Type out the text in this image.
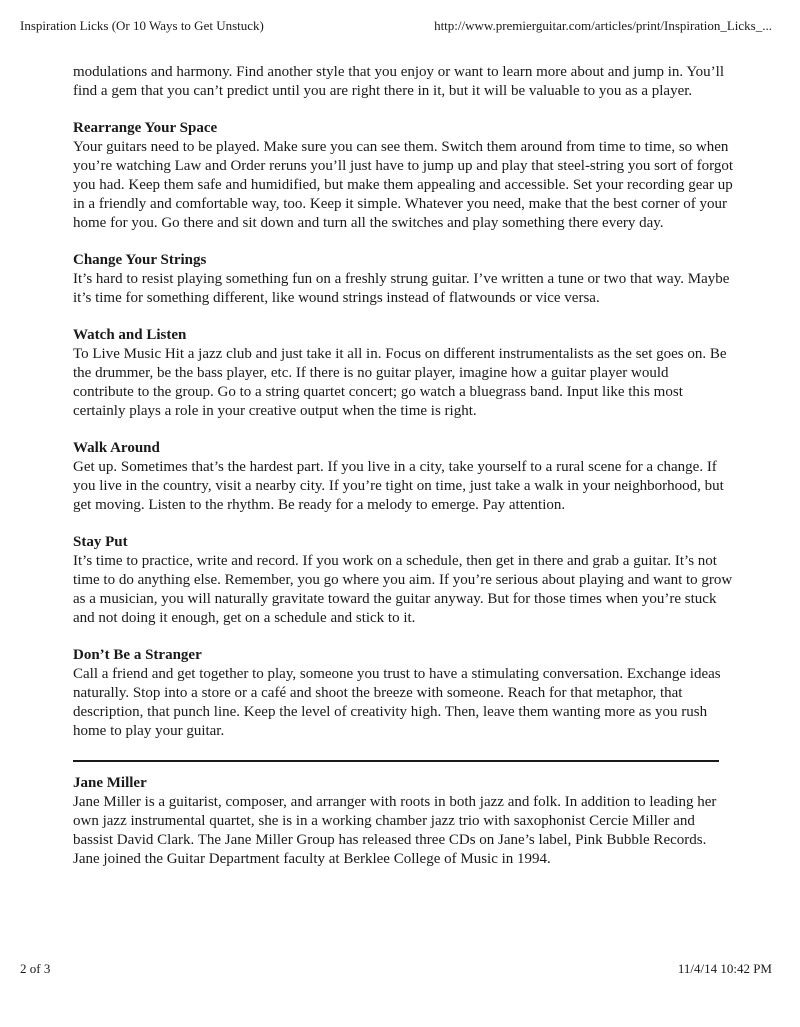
Inspiration Licks (Or 10 Ways to Get Unstuck)	http://www.premierguitar.com/articles/print/Inspiration_Licks_...

modulations and harmony. Find another style that you enjoy or want to learn more about and jump in. You’ll find a gem that you can’t predict until you are right there in it, but it will be valuable to you as a player.

Rearrange Your Space

Your guitars need to be played. Make sure you can see them. Switch them around from time to time, so when you’re watching Law and Order reruns you’ll just have to jump up and play that steel-string you sort of forgot you had. Keep them safe and humidified, but make them appealing and accessible. Set your recording gear up in a friendly and comfortable way, too. Keep it simple. Whatever you need, make that the best corner of your home for you. Go there and sit down and turn all the switches and play something there every day.

Change Your Strings

It’s hard to resist playing something fun on a freshly strung guitar. I’ve written a tune or two that way. Maybe it’s time for something different, like wound strings instead of flatwounds or vice versa.

Watch and Listen

To Live Music Hit a jazz club and just take it all in. Focus on different instrumentalists as the set goes on. Be the drummer, be the bass player, etc. If there is no guitar player, imagine how a guitar player would contribute to the group. Go to a string quartet concert; go watch a bluegrass band. Input like this most certainly plays a role in your creative output when the time is right.

Walk Around

Get up. Sometimes that’s the hardest part. If you live in a city, take yourself to a rural scene for a change. If you live in the country, visit a nearby city. If you’re tight on time, just take a walk in your neighborhood, but get moving. Listen to the rhythm. Be ready for a melody to emerge. Pay attention.

Stay Put

It’s time to practice, write and record. If you work on a schedule, then get in there and grab a guitar. It’s not time to do anything else. Remember, you go where you aim. If you’re serious about playing and want to grow as a musician, you will naturally gravitate toward the guitar anyway. But for those times when you’re stuck and not doing it enough, get on a schedule and stick to it.

Don’t Be a Stranger

Call a friend and get together to play, someone you trust to have a stimulating conversation. Exchange ideas naturally. Stop into a store or a café and shoot the breeze with someone. Reach for that metaphor, that description, that punch line. Keep the level of creativity high. Then, leave them wanting more as you rush home to play your guitar.

Jane Miller

Jane Miller is a guitarist, composer, and arranger with roots in both jazz and folk. In addition to leading her own jazz instrumental quartet, she is in a working chamber jazz trio with saxophonist Cercie Miller and bassist David Clark. The Jane Miller Group has released three CDs on Jane’s label, Pink Bubble Records. Jane joined the Guitar Department faculty at Berklee College of Music in 1994.

2 of 3	11/4/14 10:42 PM
